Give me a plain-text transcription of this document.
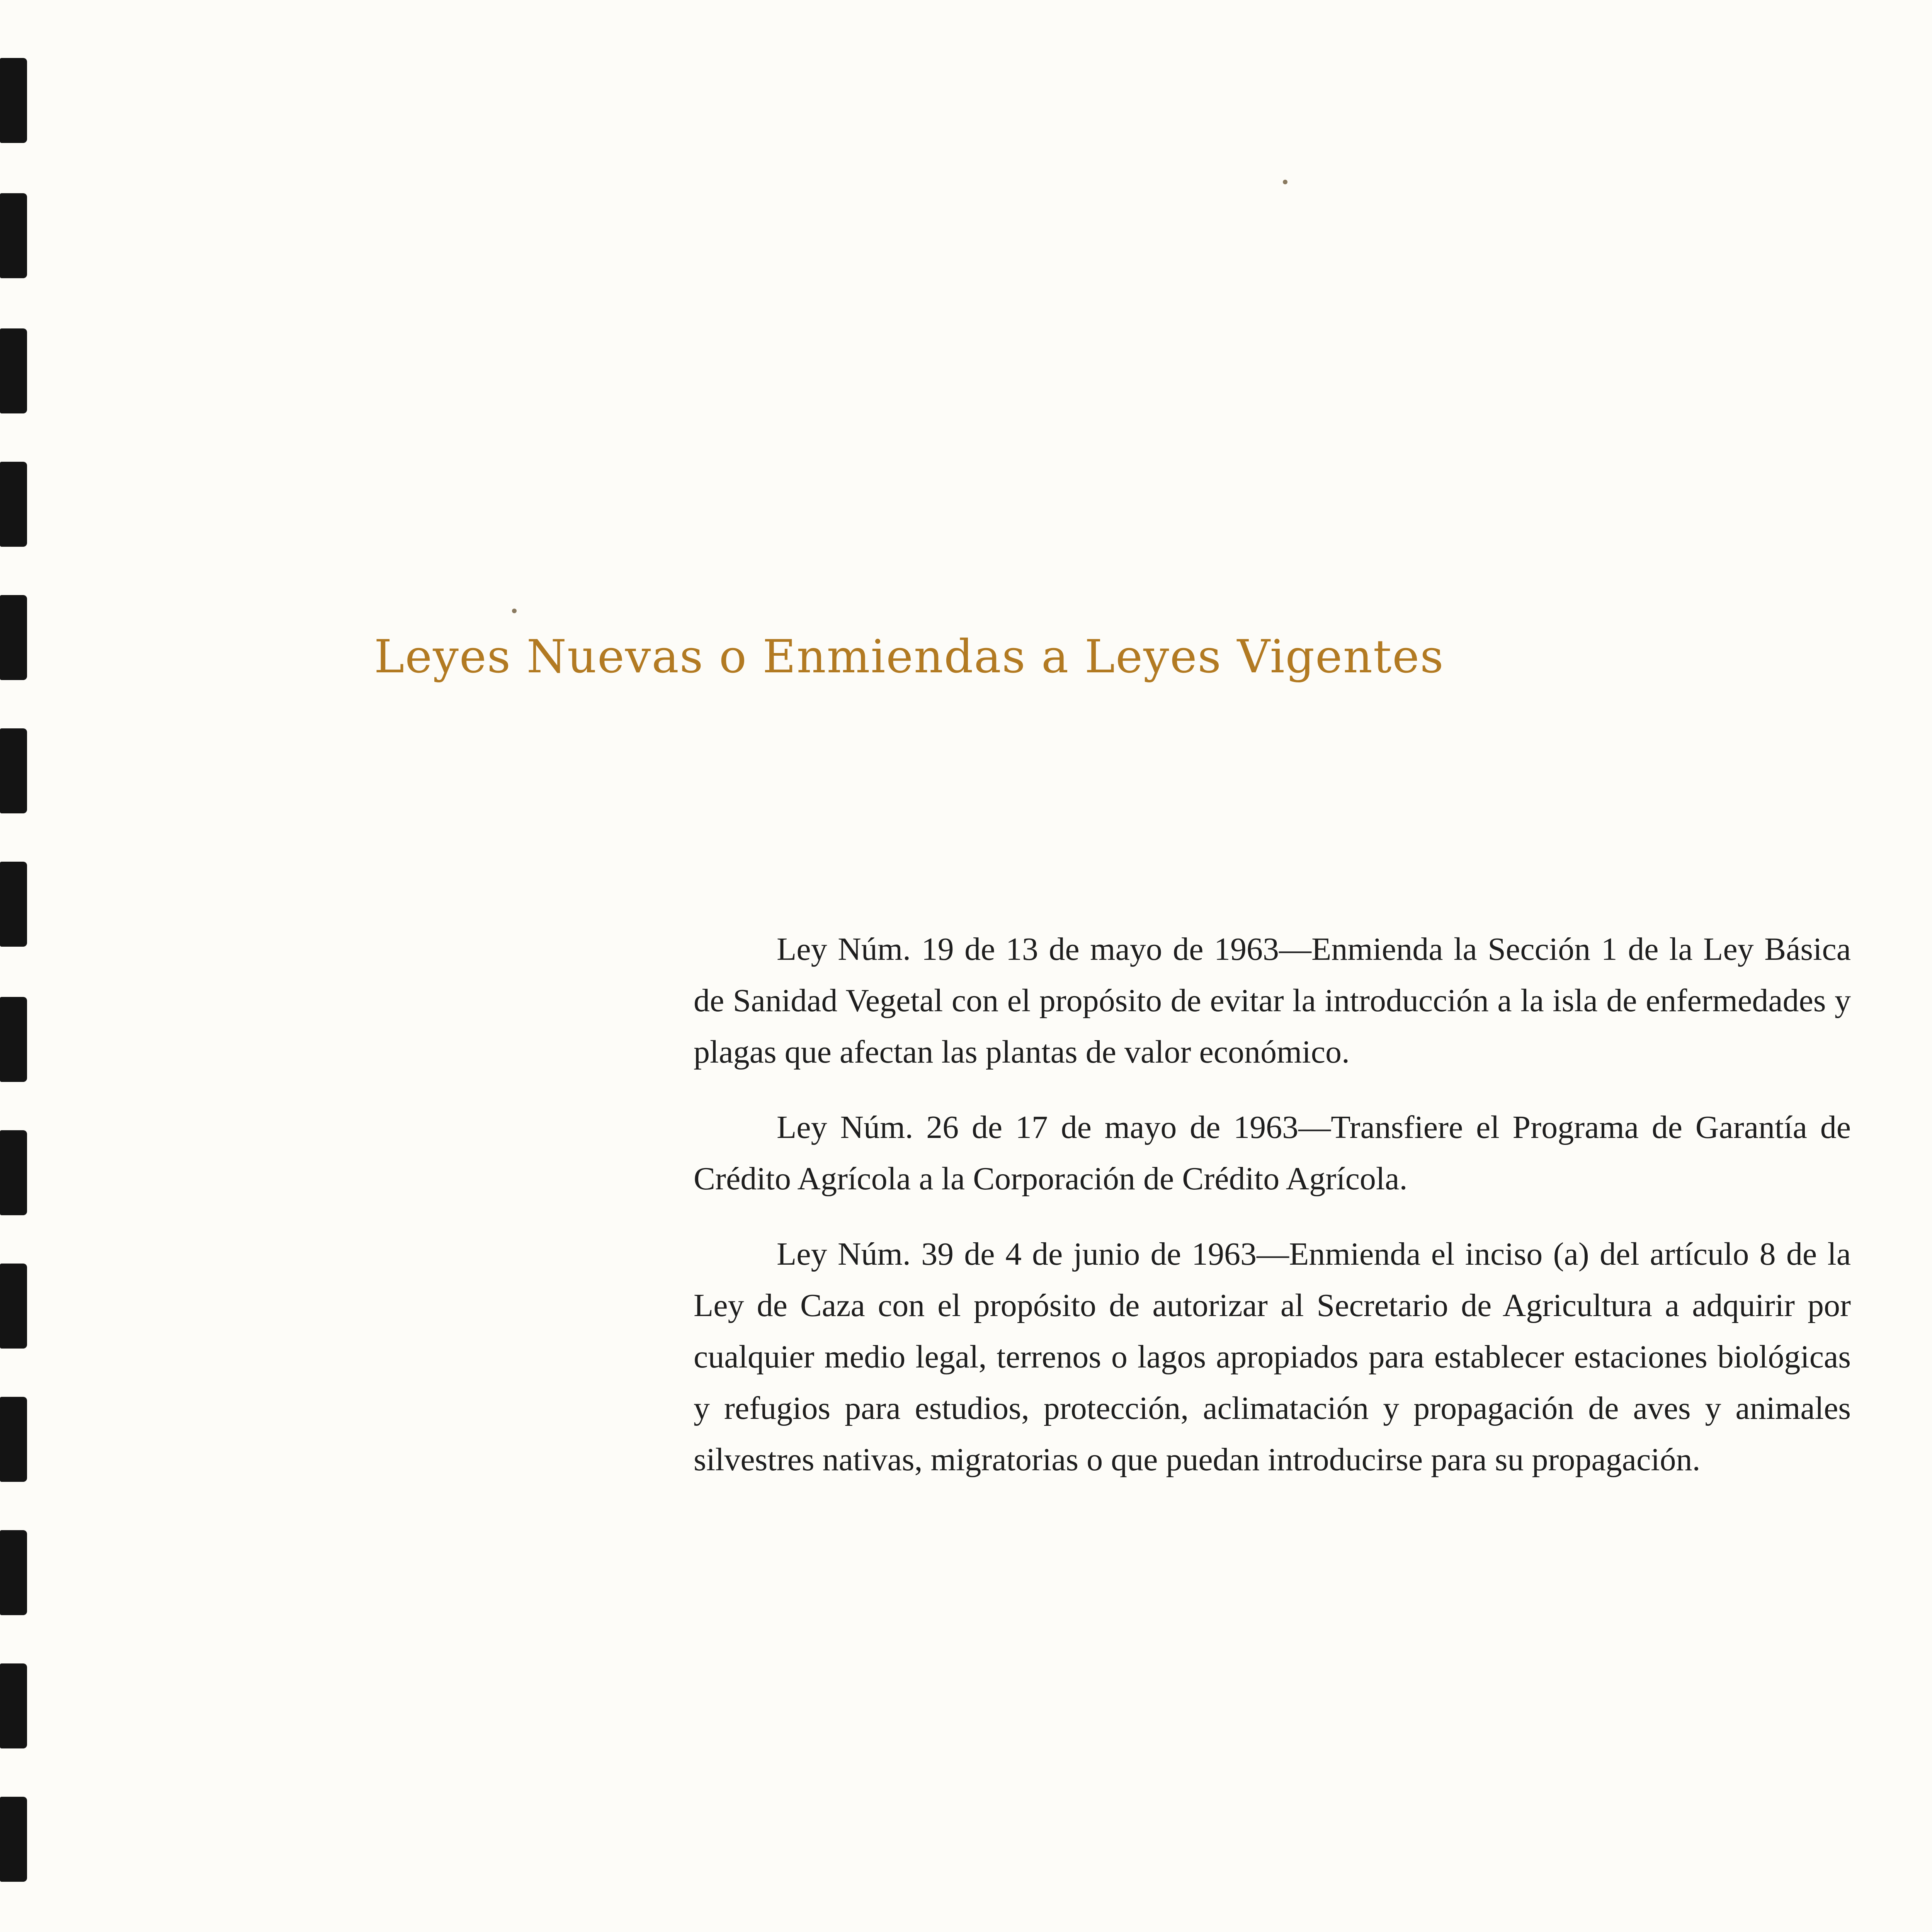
Leyes Nuevas o Enmiendas a Leyes Vigentes

Ley Núm. 19 de 13 de mayo de 1963—Enmienda la Sección 1 de la Ley Básica de Sanidad Vegetal con el propósito de evitar la introducción a la isla de enfermedades y plagas que afectan las plantas de valor económico.

Ley Núm. 26 de 17 de mayo de 1963—Transfiere el Programa de Garantía de Crédito Agrícola a la Corporación de Crédito Agrícola.

Ley Núm. 39 de 4 de junio de 1963—Enmienda el inciso (a) del artículo 8 de la Ley de Caza con el propósito de autorizar al Secretario de Agricultura a adquirir por cualquier medio legal, terrenos o lagos apropiados para establecer estaciones biológicas y refugios para estudios, protección, aclimatación y propagación de aves y animales silvestres nativas, migratorias o que puedan introducirse para su propagación.
